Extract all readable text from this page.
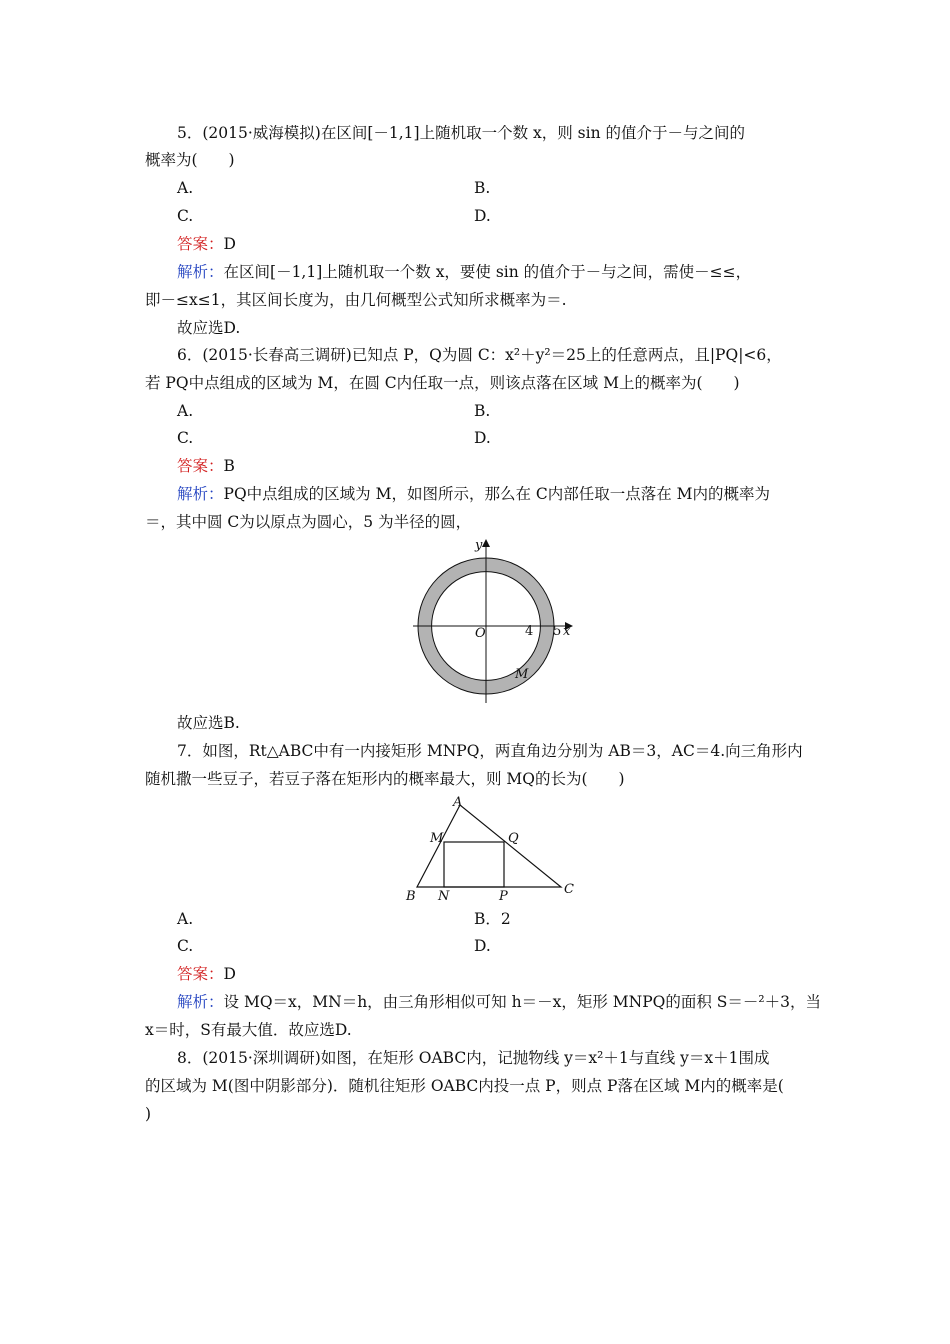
5．(2015·威海模拟)在区间[－1,1]上随机取一个数 x，则 sin 的值介于－与之间的
概率为(　　)
A.	B.
C.	D.
答案：D
解析：在区间[－1,1]上随机取一个数 x，要使 sin 的值介于－与之间，需使－≤≤，
即－≤x≤1，其区间长度为，由几何概型公式知所求概率为＝.
故应选D.
6．(2015·长春高三调研)已知点 P，Q为圆 C：x²＋y²＝25上的任意两点，且|PQ|<6，
若 PQ中点组成的区域为 M，在圆 C内任取一点，则该点落在区域 M上的概率为(　　)
A.	B.
C.	D.
答案：B
解析：PQ中点组成的区域为 M，如图所示，那么在 C内部任取一点落在 M内的概率为
＝，其中圆 C为以原点为圆心，5 为半径的圆，
y
x
O	4 5
M
故应选B.
7．如图，Rt△ABC中有一内接矩形 MNPQ，两直角边分别为 AB＝3，AC＝4.向三角形内
随机撒一些豆子，若豆子落在矩形内的概率最大，则 MQ的长为(　　)
A
B	C
M
N	P
Q
A.	B．2
C.	D.
答案：D
解析：设 MQ＝x，MN＝h，由三角形相似可知 h＝－x，矩形 MNPQ的面积 S＝－²＋3，当
x＝时，S有最大值．故应选D.
8．(2015·深圳调研)如图，在矩形 OABC内，记抛物线 y＝x²＋1与直线 y＝x＋1围成
的区域为 M(图中阴影部分)．随机往矩形 OABC内投一点 P，则点 P落在区域 M内的概率是(
)
